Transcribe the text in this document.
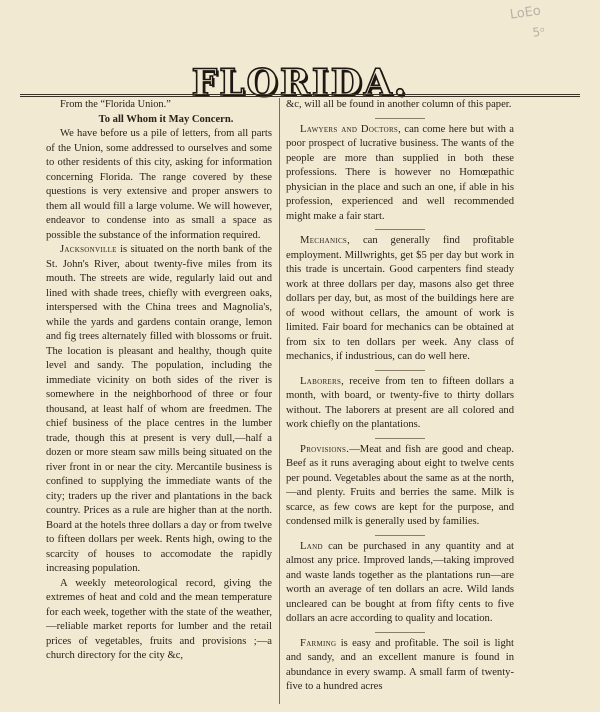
LoEo
5ᵒ
FLORIDA.

From the “Florida Union.”

To all Whom it May Concern.

We have before us a pile of letters, from all parts of the Union, some addressed to ourselves and some to other residents of this city, asking for information concerning Florida. The range covered by these questions is very extensive and proper answers to them all would fill a large volume. We will however, endeavor to condense into as small a space as possible the substance of the information required.

Jacksonville is situated on the north bank of the St. John's River, about twenty-five miles from its mouth. The streets are wide, regularly laid out and lined with shade trees, chiefly with evergreen oaks, interspersed with the China trees and Magnolia's, while the yards and gardens contain orange, lemon and fig trees alternately filled with blossoms or fruit. The location is pleasant and healthy, though quite level and sandy. The population, including the immediate vicinity on both sides of the river is somewhere in the neighborhood of three or four thousand, at least half of whom are freedmen. The chief business of the place centres in the lumber trade, though this at present is very dull,—half a dozen or more steam saw mills being situated on the river front in or near the city. Mercantile business is confined to supplying the immediate wants of the city; traders up the river and plantations in the back country. Prices as a rule are higher than at the north. Board at the hotels three dollars a day or from twelve to fifteen dollars per week. Rents high, owing to the scarcity of houses to accomodate the rapidly increasing population.

A weekly meteorological record, giving the extremes of heat and cold and the mean temperature for each week, together with the state of the weather,—reliable market reports for lumber and the retail prices of vegetables, fruits and provisions ;—a church directory for the city &c,

&c, will all be found in another column of this paper.

Lawyers and Doctors, can come here but with a poor prospect of lucrative business. The wants of the people are more than supplied in both these professions. There is however no Homœpathic physician in the place and such an one, if able in his profession, experienced and well recommended might make a fair start.

Mechanics, can generally find profitable employment. Millwrights, get $5 per day but work in this trade is uncertain. Good carpenters find steady work at three dollars per day, masons also get three dollars per day, but, as most of the buildings here are of wood without cellars, the amount of work is limited. Fair board for mechanics can be obtained at from six to ten dollars per week. Any class of mechanics, if industrious, can do well here.

Laborers, receive from ten to fifteen dollars a month, with board, or twenty-five to thirty dollars without. The laborers at present are all colored and work chiefly on the plantations.

Provisions.—Meat and fish are good and cheap. Beef as it runs averaging about eight to twelve cents per pound. Vegetables about the same as at the north,—and plenty. Fruits and berries the same. Milk is scarce, as few cows are kept for the purpose, and condensed milk is generally used by families.

Land can be purchased in any quantity and at almost any price. Improved lands,—taking improved and waste lands together as the plantations run—are worth an average of ten dollars an acre. Wild lands uncleared can be bought at from fifty cents to five dollars an acre according to quality and location.

Farming is easy and profitable. The soil is light and sandy, and an excellent manure is found in abundance in every swamp. A small farm of twenty-five to a hundred acres
